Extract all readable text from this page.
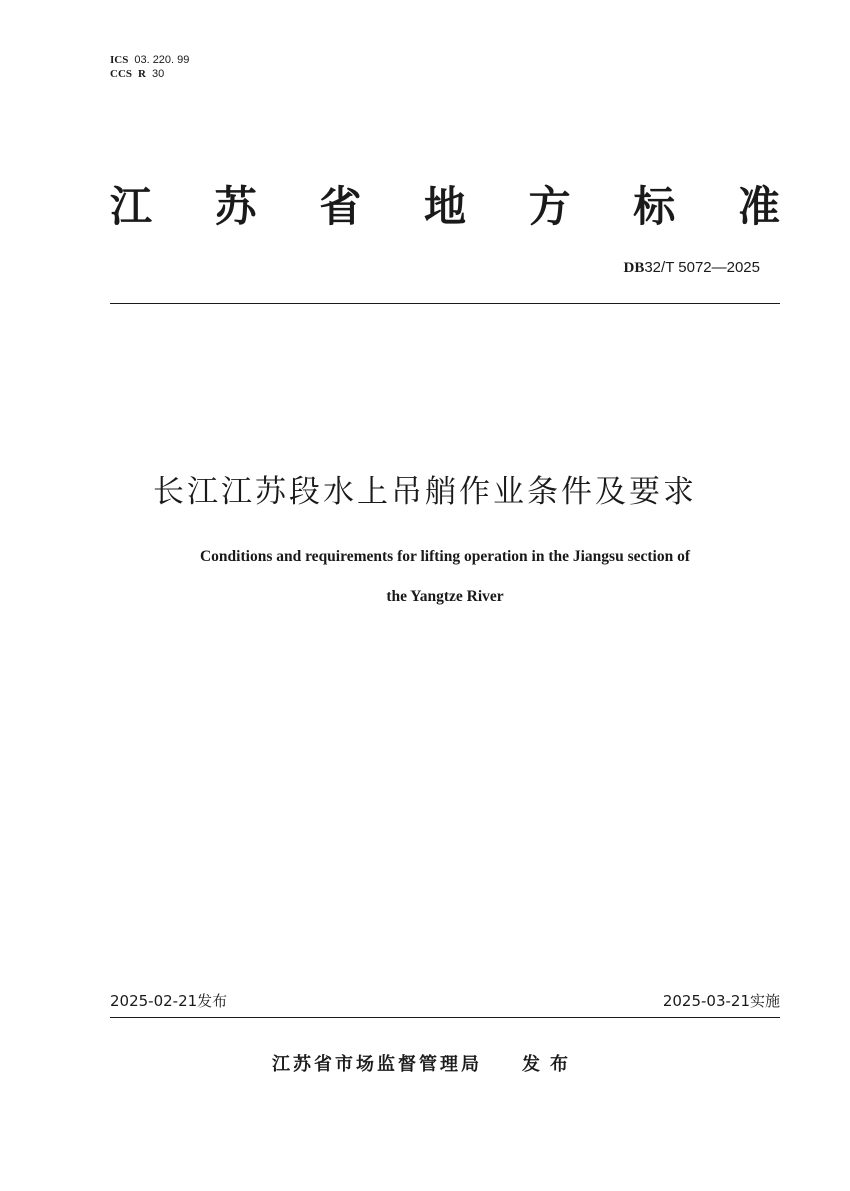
ICS 03. 220. 99
CCS R 30
江 苏 省 地 方 标 准
DB32/T 5072—2025
长江江苏段水上吊艄作业条件及要求
Conditions and requirements for lifting operation in the Jiangsu section of
the Yangtze River
2025-02-21发布	2025-03-21实施
江苏省市场监督管理局 发布
